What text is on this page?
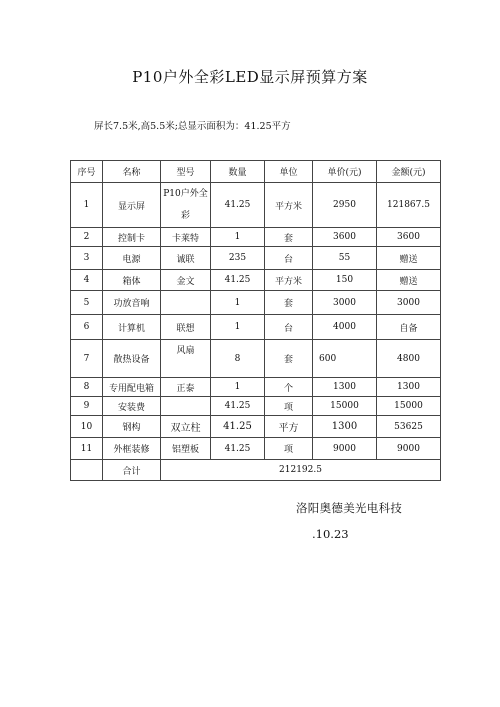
P10户外全彩LED显示屏预算方案
屏长7.5米,高5.5米;总显示面积为：41.25平方
序号	名称	型号	数量	单位	单价(元)	金额(元)
1	显示屏	P10户外全彩	41.25	平方米	2950	121867.5
2	控制卡	卡莱特	1	套	3600	3600
3	电源	诚联	235	台	55	赠送
4	箱体	金文	41.25	平方米	150	赠送
5	功放音响		1	套	3000	3000
6	计算机	联想	1	台	4000	自备
7	散热设备	风扇	8	套	600	4800
8	专用配电箱	正泰	1	个	1300	1300
9	安装费		41.25	项	15000	15000
10	钢构	双立柱	41.25	平方	1300	53625
11	外框装修	铝塑板	41.25	项	9000	9000
	合计	212192.5				
洛阳奥德美光电科技
.10.23
